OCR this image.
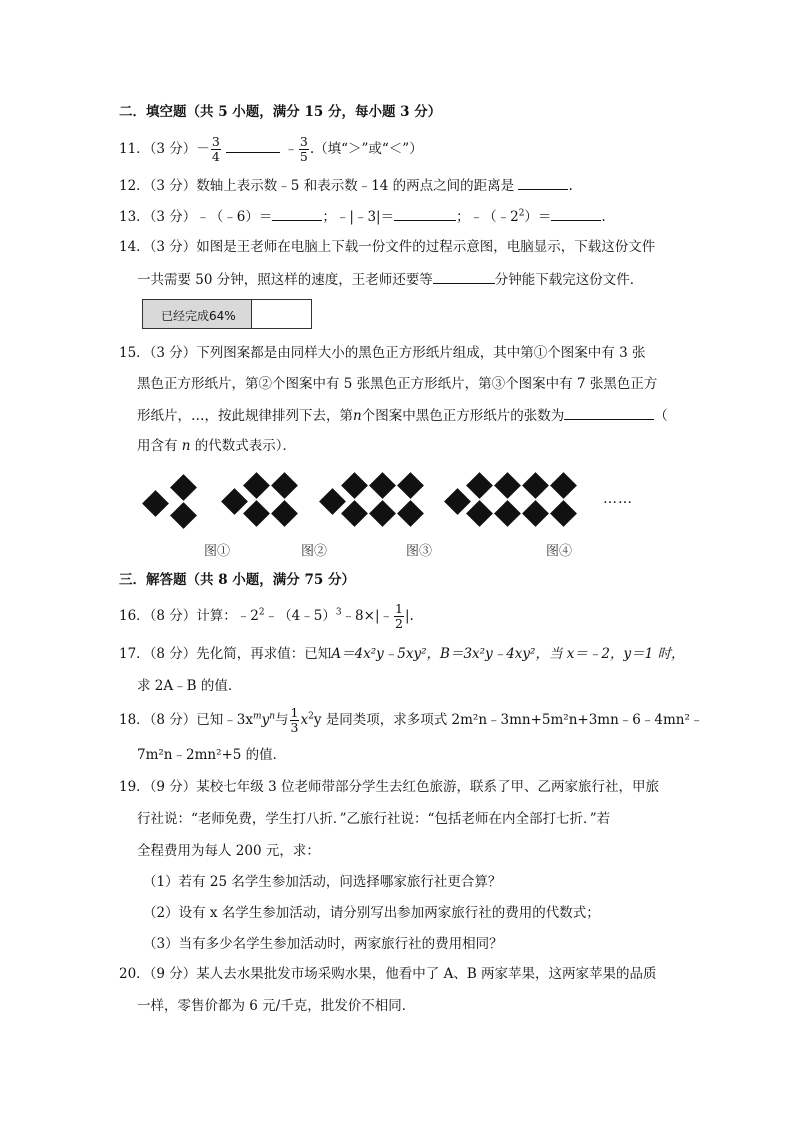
二．填空题（共 5 小题，满分 15 分，每小题 3 分）
11．（3 分）－ $\frac{3}{4}$	﹣ $\frac{3}{5}$ .（填“＞”或“＜”）
12．（3 分）数轴上表示数﹣5 和表示数﹣14 的两点之间的距离是	.
13．（3 分）﹣（﹣6）＝	；﹣|﹣3|＝	；$﹣(﹣2^2)=$	.
14．（3 分）如图是王老师在电脑上下载一份文件的过程示意图，电脑显示，下载这份文件
一共需要 50 分钟，照这样的速度，王老师还要等	分钟能下载完这份文件．
已经完成64%
15．（3 分）下列图案都是由同样大小的黑色正方形纸片组成，其中第①个图案中有 3 张
黑色正方形纸片，第②个图案中有 5 张黑色正方形纸片，第③个图案中有 7 张黑色正方
形纸片，…，按此规律排列下去，第n个图案中黑色正方形纸片的张数为	（
用含有 n 的代数式表示）．
……
图①	图②	图③	图④
三．解答题（共 8 小题，满分 75 分）
16．（8 分）计算：$﹣2^2﹣(4﹣5)^3﹣8\times|﹣ \frac{1}{2}$ |.
17．（8 分）先化简，再求值：已知A＝4x²y﹣5xy²，B＝3x²y﹣4xy²，当 x＝﹣2，y＝1 时，
求 2A﹣B 的值．
18．（8 分）已知$﹣3x^my^n$与 $\frac{1}{3} x^2y$ 是同类项，求多项式 2m²n﹣3mn+5m²n+3mn﹣6﹣4mn²﹣
7m²n﹣2mn²+5 的值．
19．（9 分）某校七年级 3 位老师带部分学生去红色旅游，联系了甲、乙两家旅行社，甲旅
行社说：“老师免费，学生打八折．”乙旅行社说：“包括老师在内全部打七折．”若
全程费用为每人 200 元，求：
（1）若有 25 名学生参加活动，问选择哪家旅行社更合算？
（2）设有 x 名学生参加活动，请分别写出参加两家旅行社的费用的代数式；
（3）当有多少名学生参加活动时，两家旅行社的费用相同？
20．（9 分）某人去水果批发市场采购水果，他看中了 A、B 两家苹果，这两家苹果的品质
一样，零售价都为 6 元/千克，批发价不相同．
